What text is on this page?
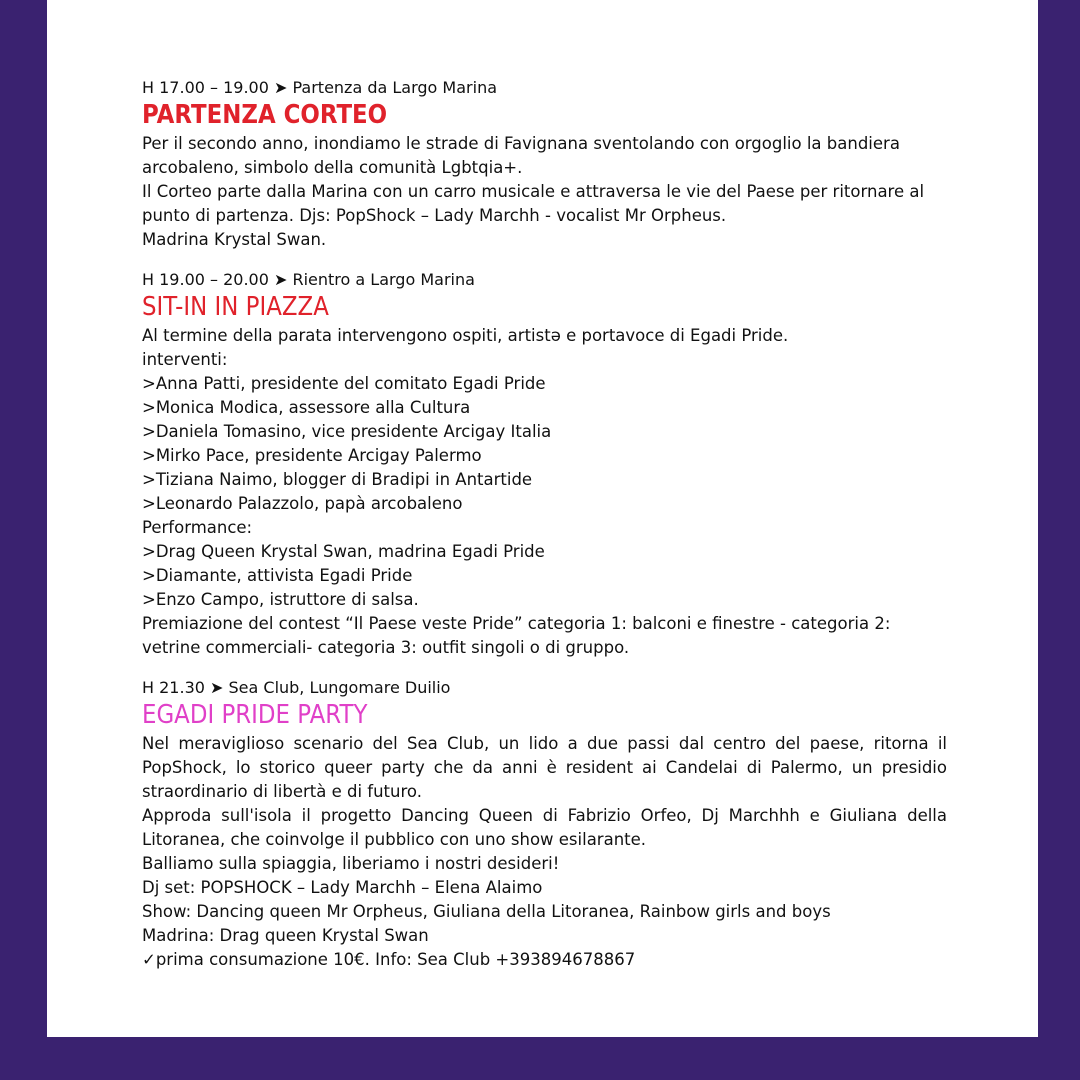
H 17.00 – 19.00 ➤ Partenza da Largo Marina

PARTENZA CORTEO

Per il secondo anno, inondiamo le strade di Favignana sventolando con orgoglio la bandiera arcobaleno, simbolo della comunità Lgbtqia+.

Il Corteo parte dalla Marina con un carro musicale e attraversa le vie del Paese per ritornare al punto di partenza. Djs: PopShock – Lady Marchh - vocalist Mr Orpheus.

Madrina Krystal Swan.

H 19.00 – 20.00 ➤ Rientro a Largo Marina

SIT-IN IN PIAZZA

Al termine della parata intervengono ospiti, artistə e portavoce di Egadi Pride.

interventi:

>Anna Patti, presidente del comitato Egadi Pride

>Monica Modica, assessore alla Cultura

>Daniela Tomasino, vice presidente Arcigay Italia

>Mirko Pace, presidente Arcigay Palermo

>Tiziana Naimo, blogger di Bradipi in Antartide

>Leonardo Palazzolo, papà arcobaleno

Performance:

>Drag Queen Krystal Swan, madrina Egadi Pride

>Diamante, attivista Egadi Pride

>Enzo Campo, istruttore di salsa.

Premiazione del contest “Il Paese veste Pride” categoria 1: balconi e finestre - categoria 2: vetrine commerciali- categoria 3: outfit singoli o di gruppo.

H 21.30 ➤ Sea Club, Lungomare Duilio

EGADI PRIDE PARTY

Nel meraviglioso scenario del Sea Club, un lido a due passi dal centro del paese, ritorna il PopShock, lo storico queer party che da anni è resident ai Candelai di Palermo, un presidio straordinario di libertà e di futuro.

Approda sull'isola il progetto Dancing Queen di Fabrizio Orfeo, Dj Marchhh e Giuliana della Litoranea, che coinvolge il pubblico con uno show esilarante.

Balliamo sulla spiaggia, liberiamo i nostri desideri!

Dj set: POPSHOCK – Lady Marchh – Elena Alaimo

Show: Dancing queen Mr Orpheus, Giuliana della Litoranea, Rainbow girls and boys

Madrina: Drag queen Krystal Swan

✓prima consumazione 10€. Info: Sea Club +393894678867
